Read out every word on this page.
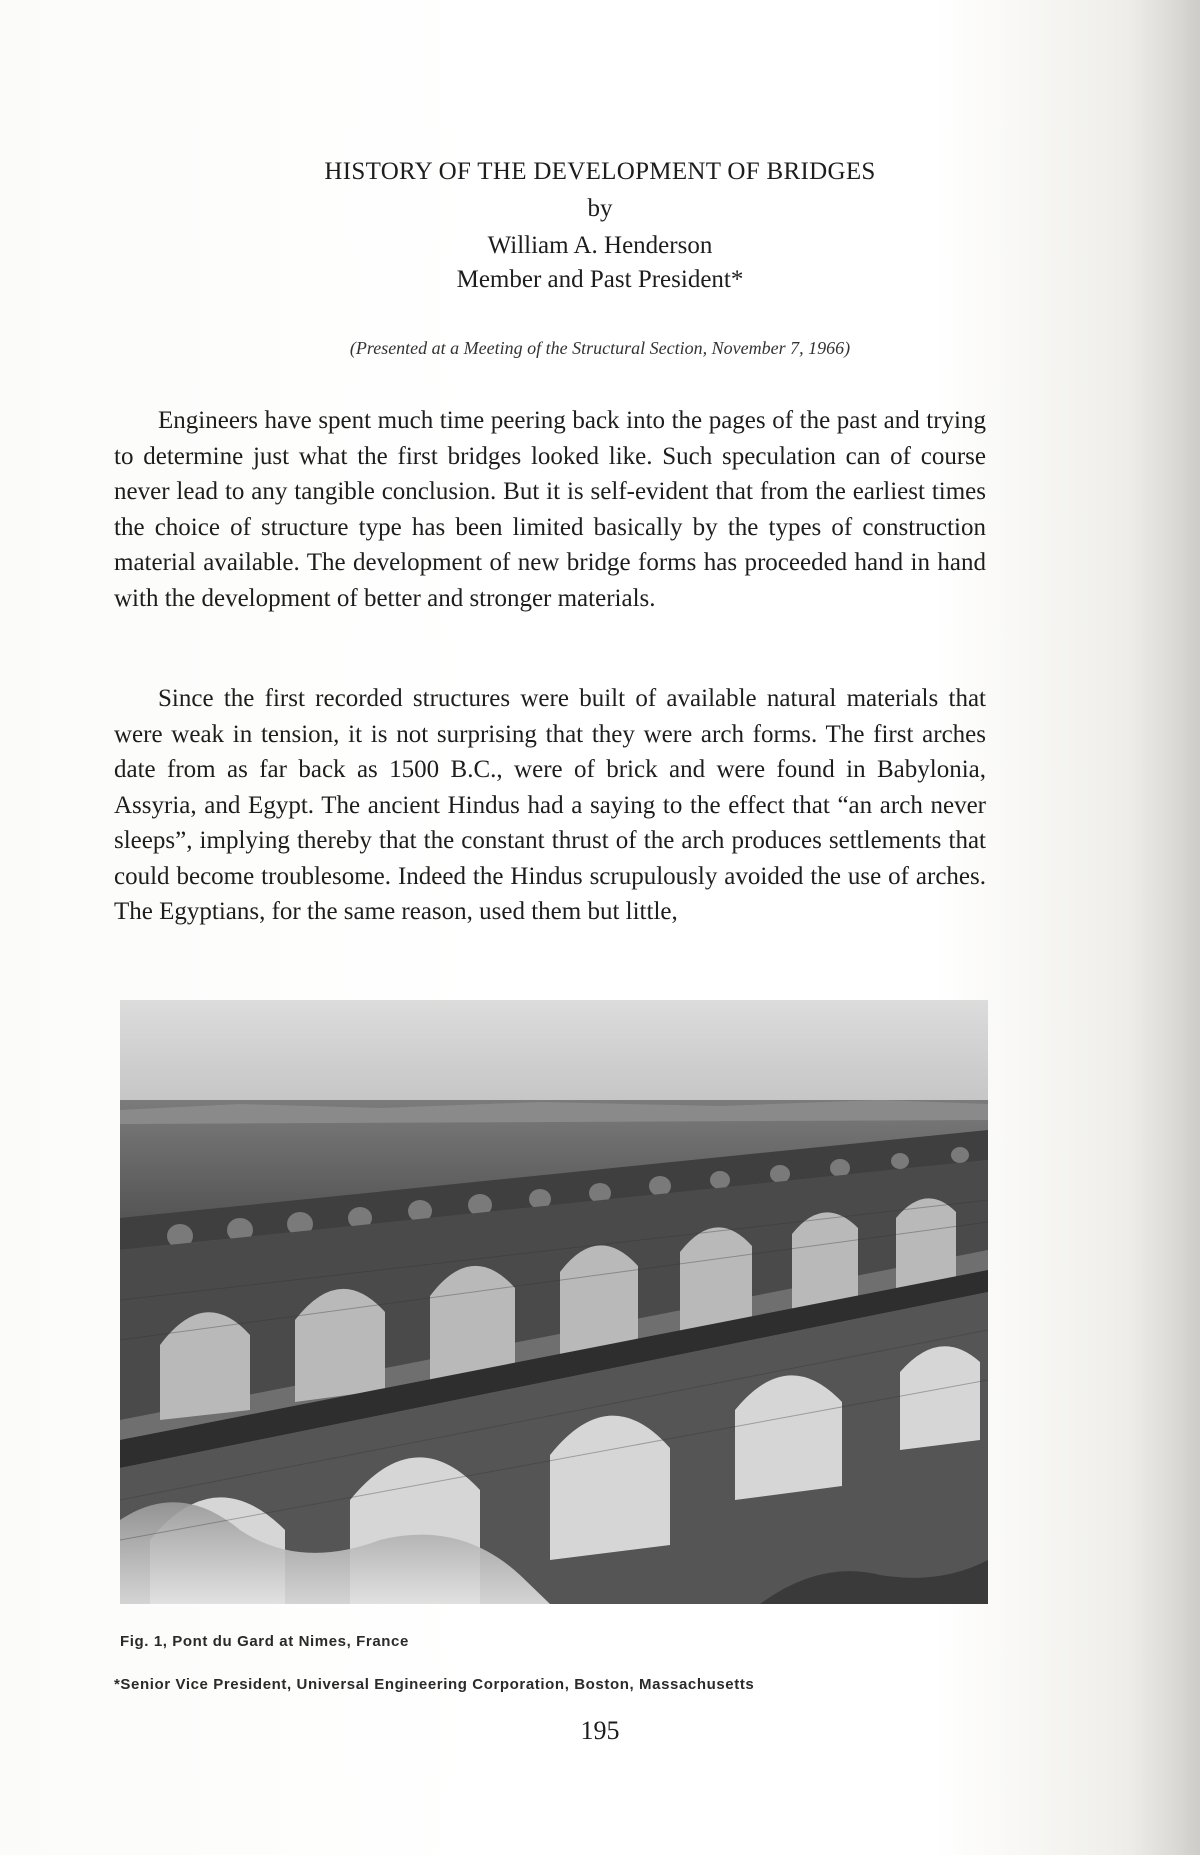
HISTORY OF THE DEVELOPMENT OF BRIDGES
by
William A. Henderson
Member and Past President*
(Presented at a Meeting of the Structural Section, November 7, 1966)
Engineers have spent much time peering back into the pages of the past and trying to determine just what the first bridges looked like. Such speculation can of course never lead to any tangible conclusion. But it is self-evident that from the earliest times the choice of structure type has been limited basically by the types of construction material available. The development of new bridge forms has proceeded hand in hand with the development of better and stronger materials.
Since the first recorded structures were built of available natural materials that were weak in tension, it is not surprising that they were arch forms. The first arches date from as far back as 1500 B.C., were of brick and were found in Babylonia, Assyria, and Egypt. The ancient Hindus had a saying to the effect that “an arch never sleeps”, implying thereby that the constant thrust of the arch produces settlements that could become troublesome. Indeed the Hindus scrupulously avoided the use of arches. The Egyptians, for the same reason, used them but little,
Fig. 1, Pont du Gard at Nimes, France
*Senior Vice President, Universal Engineering Corporation, Boston, Massachusetts
195
